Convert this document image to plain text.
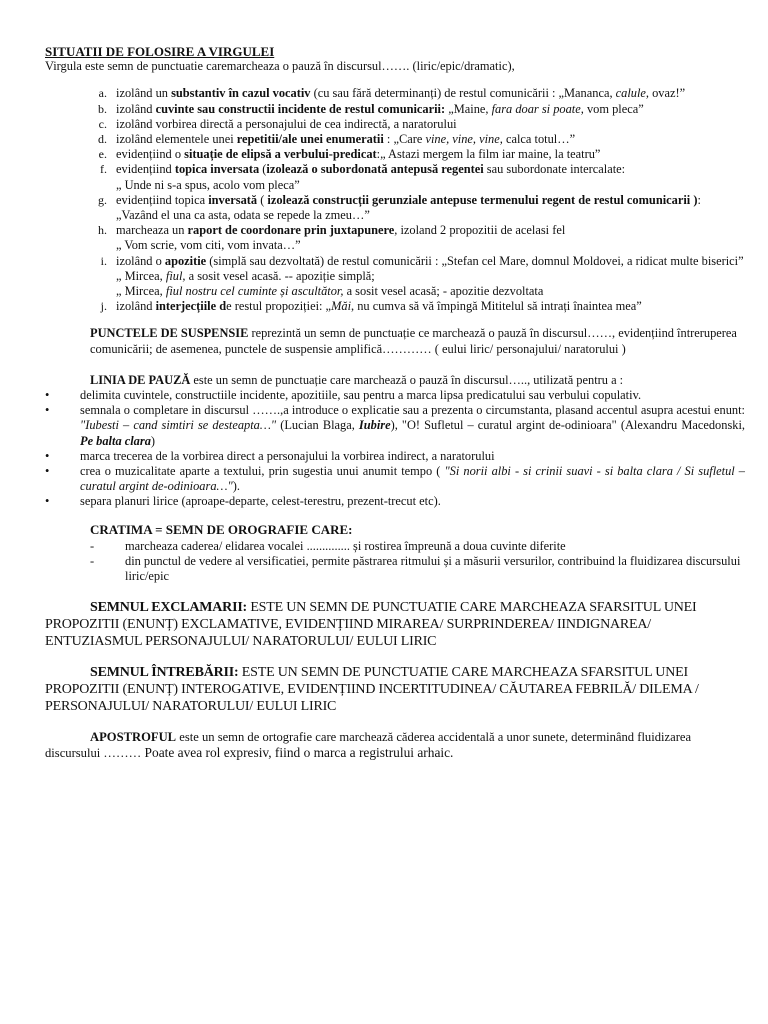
SITUATII DE FOLOSIRE A VIRGULEI
Virgula este semn de punctuatie caremarcheaza o pauză în discursul……. (liric/epic/dramatic),
a. izolând un substantiv în cazul vocativ (cu sau fără determinanți) de restul comunicării : „Mananca, calule, ovaz!”
b. izolând cuvinte sau constructii incidente de restul comunicarii: „Maine, fara doar si poate, vom pleca”
c. izolând vorbirea directă a personajului de cea indirectă, a naratorului
d. izolând elementele unei repetitii/ale unei enumeratii : „Care vine, vine, vine, calca totul…”
e. evidențiind o situație de elipsă a verbului-predicat:„ Astazi mergem la film iar maine, la teatru”
f. evidențiind topica inversata (izolează o subordonată antepusă regentei sau subordonate intercalate:
„ Unde ni s-a spus, acolo vom pleca”
g. evidențiind topica inversată ( izolează construcții gerunziale antepuse termenului regent de restul comunicarii ): „Vazând el una ca asta, odata se repede la zmeu…”
h. marcheaza un raport de coordonare prin juxtapunere, izoland 2 propozitii de acelasi fel
„ Vom scrie, vom citi, vom invata…”
i. izolând o apozitie (simplă sau dezvoltată) de restul comunicării : „Stefan cel Mare, domnul Moldovei, a ridicat multe biserici”
„ Mircea, fiul, a sosit vesel acasă. -- apoziție simplă;
„ Mircea, fiul nostru cel cuminte și ascultător, a sosit vesel acasă; - apozitie dezvoltata
j. izolând interjecțiile de restul propoziției: „Măi, nu cumva să vă împingă Mititelul să intrați înaintea mea”
PUNCTELE DE SUSPENSIE reprezintă un semn de punctuație ce marchează o pauză în discursul……, evidențiind întreruperea comunicării; de asemenea, punctele de suspensie amplifică………… ( eului liric/ personajului/ naratorului )
LINIA DE PAUZĂ este un semn de punctuație care marchează o pauză în discursul….., utilizată pentru a :
• delimita cuvintele, constructiile incidente, apozitiile, sau pentru a marca lipsa predicatului sau verbului copulativ.
• semnala o completare in discursul …….,a introduce o explicatie sau a prezenta o circumstanta, plasand accentul asupra acestui enunt: "Iubesti – cand simtiri se desteapta…" (Lucian Blaga, Iubire), "O! Sufletul – curatul argint de-odinioara" (Alexandru Macedonski, Pe balta clara)
• marca trecerea de la vorbirea direct a personajului la vorbirea indirect, a naratorului
• crea o muzicalitate aparte a textului, prin sugestia unui anumit tempo ( "Si norii albi - si crinii suavi - si balta clara / Si sufletul – curatul argint de-odinioara…").
• separa planuri lirice (aproape-departe, celest-terestru, prezent-trecut etc).
CRATIMA = SEMN DE OROGRAFIE CARE:
- marcheaza caderea/ elidarea vocalei .............. și rostirea împreună a doua cuvinte diferite
- din punctul de vedere al versificatiei, permite păstrarea ritmului și a măsurii versurilor, contribuind la fluidizarea discursului liric/epic
SEMNUL EXCLAMARII: ESTE UN SEMN DE PUNCTUATIE CARE MARCHEAZA SFARSITUL UNEI PROPOZITII (ENUNȚ) EXCLAMATIVE, EVIDENȚIIND MIRAREA/ SURPRINDEREA/ IINDIGNAREA/ ENTUZIASMUL PERSONAJULUI/ NARATORULUI/ EULUI LIRIC
SEMNUL ÎNTREBĂRII: ESTE UN SEMN DE PUNCTUATIE CARE MARCHEAZA SFARSITUL UNEI PROPOZITII (ENUNȚ) INTEROGATIVE, EVIDENȚIIND INCERTITUDINEA/ CĂUTAREA FEBRILĂ/ DILEMA / PERSONAJULUI/ NARATORULUI/ EULUI LIRIC
APOSTROFUL este un semn de ortografie care marchează căderea accidentală a unor sunete, determinând fluidizarea discursului ……… Poate avea rol expresiv, fiind o marca a registrului arhaic.
